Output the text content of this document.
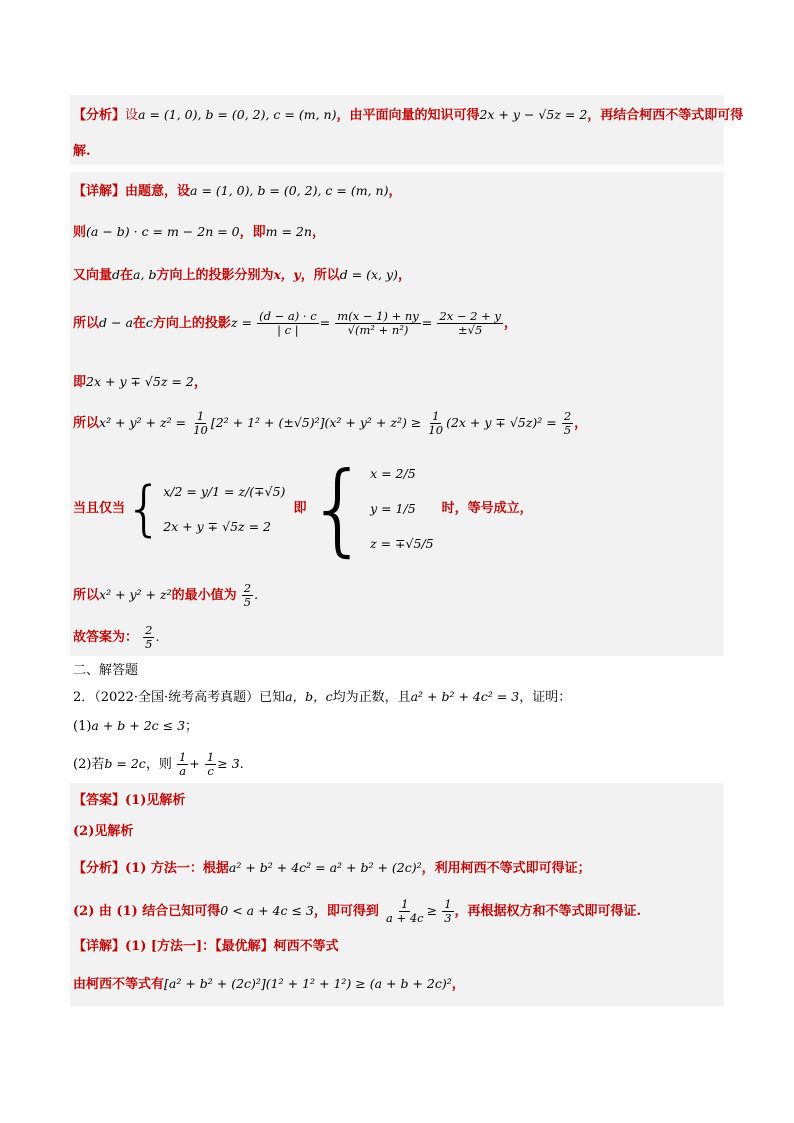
【分析】设a = (1, 0), b = (0, 2), c = (m, n)，由平面向量的知识可得2x + y − √5z = 2，再结合柯西不等式即可得
解.
【详解】由题意，设a = (1, 0), b = (0, 2), c = (m, n)，
则(a − b) · c = m − 2n = 0，即m = 2n，
又向量d在a, b方向上的投影分别为x，y，所以d = (x, y)，
所以d − a在c方向上的投影$z = \frac{(d - a) \cdot c}{| c |} = \frac{m(x - 1) + ny}{\text{√(m² + n²)}} = \frac{2x - 2 + y}{\pm√5}$ ，
即2x + y ∓ √5z = 2，
所以$x^2 + y^2 + z^2 = \frac{1}{10} [2^2 + 1^2 + (\pm√5)^2](x^2 + y^2 + z^2) \ge \frac{1}{10} (2x + y \mp √5z)^2 = \frac{2}{5}$ ，
当且仅当 { x/2 = y/1 = z/(∓√5)
2x + y ∓ √5z = 2
即 { x = 2/5
y = 1/5
z = ∓√5/5
时，等号成立，
所以x² + y² + z²的最小值为 $\frac{2}{5}$ .
故答案为： $\frac{2}{5}$ .
二、解答题
2．（2022·全国·统考高考真题）已知a，b，c均为正数，且a² + b² + 4c² = 3，证明：
(1)a + b + 2c ≤ 3；
(2)若b = 2c，则 $\frac{1}{a} + \frac{1}{c} \ge 3$.
【答案】(1)见解析
(2)见解析
【分析】(1) 方法一：根据a² + b² + 4c² = a² + b² + (2c)²，利用柯西不等式即可得证；
(2) 由 (1) 结合已知可得0 < a + 4c ≤ 3，即可得到 $\frac{1}{a + 4c} \ge \frac{1}{3}$ ，再根据权方和不等式即可得证.
【详解】(1) [方法一]：【最优解】柯西不等式
由柯西不等式有[a² + b² + (2c)²](1² + 1² + 1²) ≥ (a + b + 2c)²，
